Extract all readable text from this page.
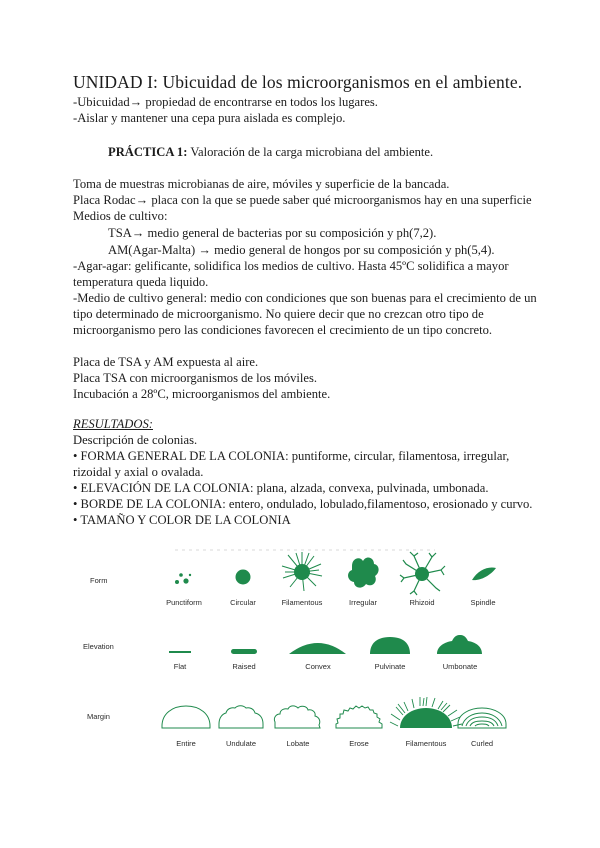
UNIDAD I: Ubicuidad de los microorganismos en el ambiente.
-Ubicuidad→ propiedad de encontrarse en todos los lugares.
-Aislar y mantener una cepa pura aislada es complejo.
PRÁCTICA 1: Valoración de la carga microbiana del ambiente.
Toma de muestras microbianas de aire, móviles y superficie de la bancada.
Placa Rodac→ placa con la que se puede saber qué microorganismos hay en una superficie
Medios de cultivo:
TSA→ medio general de bacterias por su composición y ph(7,2).
AM(Agar-Malta) → medio general de hongos por su composición y ph(5,4).
-Agar-agar: gelificante, solidifica los medios de cultivo. Hasta 45ºC solidifica a mayor
temperatura queda liquido.
-Medio de cultivo general: medio con condiciones que son buenas para el crecimiento de un
tipo determinado de microorganismo. No quiere decir que no crezcan otro tipo de
microorganismo pero las condiciones favorecen el crecimiento de un tipo concreto.
Placa de TSA y AM expuesta al aire.
Placa TSA con microorganismos de los móviles.
Incubación a 28ºC, microorganismos del ambiente.
RESULTADOS:
Descripción de colonias.
• FORMA GENERAL DE LA COLONIA: puntiforme, circular, filamentosa, irregular,
rizoidal y axial o ovalada.
• ELEVACIÓN DE LA COLONIA: plana, alzada, convexa, pulvinada, umbonada.
• BORDE DE LA COLONIA: entero, ondulado, lobulado,filamentoso, erosionado y curvo.
• TAMAÑO Y COLOR DE LA COLONIA
Form
Elevation
Margin
Punctiform	Circular	Filamentous	Irregular	Rhizoid	Spindle
Flat	Raised	Convex	Pulvinate	Umbonate
Entire	Undulate	Lobate	Erose	Filamentous	Curled
